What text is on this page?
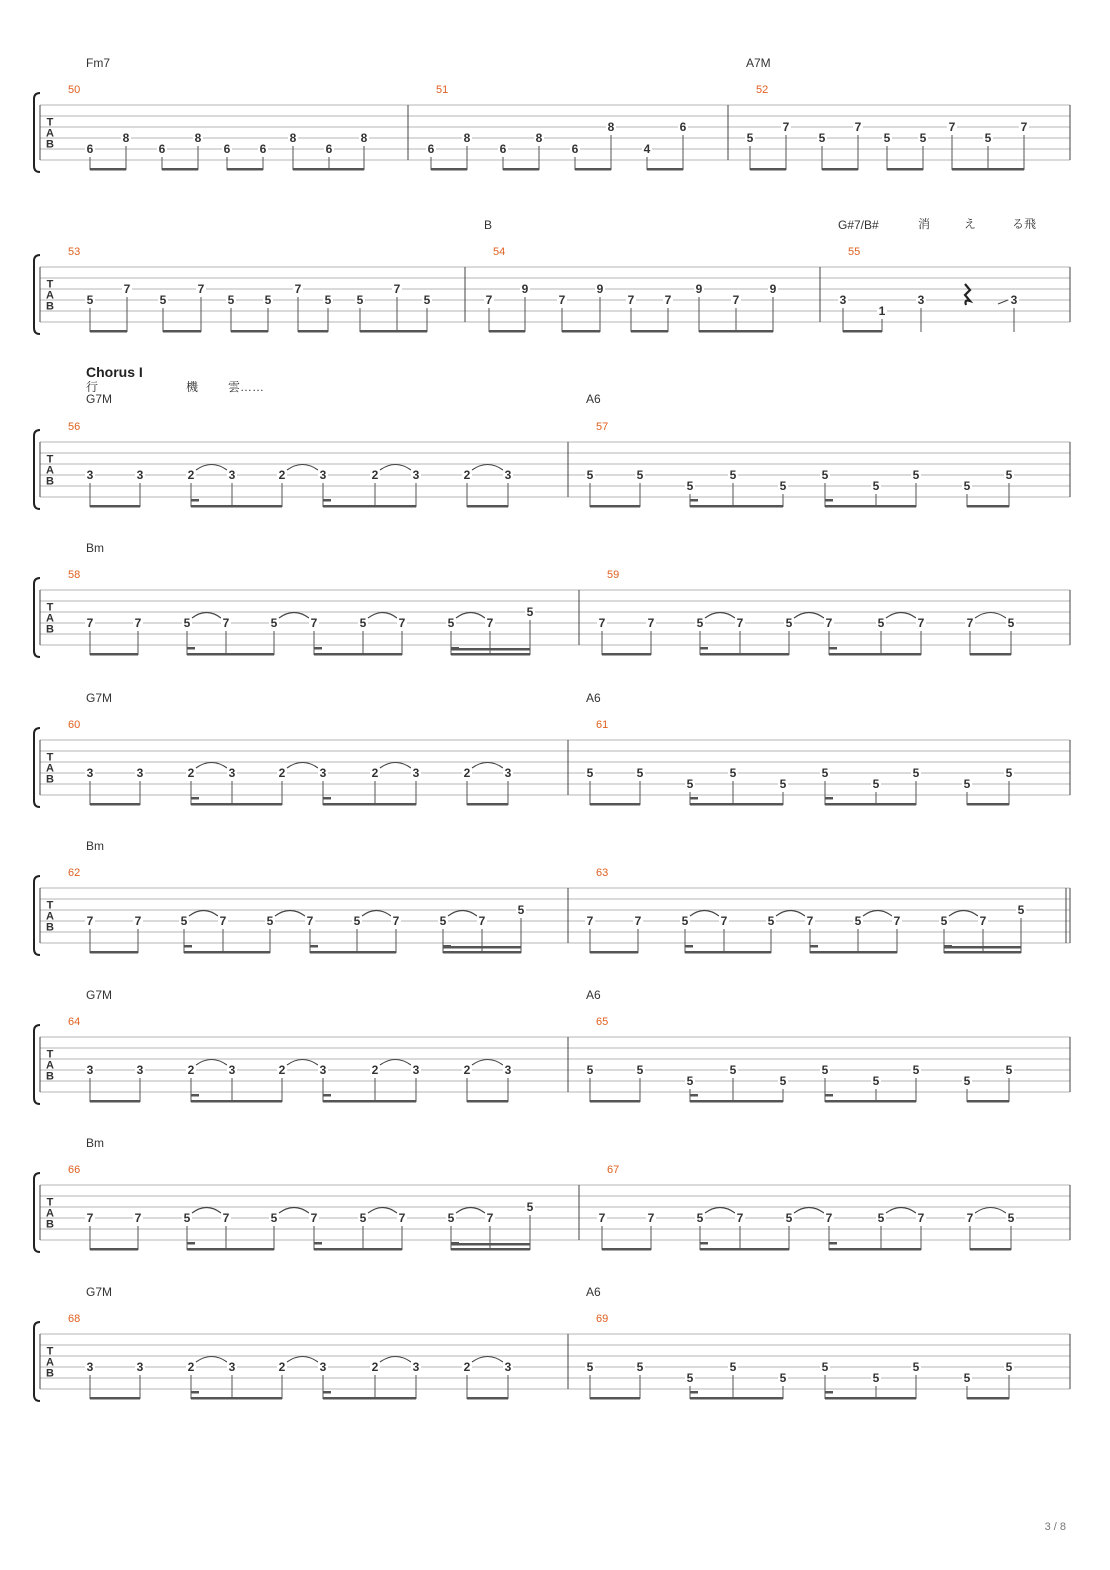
T
A
B
50
6
8
6
8
6 6
8
6
8
51
6
8
6
8
6
8
4
6
52
5
7
5
7
5 5
7
5
7
Fm7	A7M
T
A
B
53
5
7
5
7
5	5
7
5 5
7
5
54
7
9
7
9
7	7
9
7
9
55
3
1
3	3
B	G#7/B#	消	え	る飛
T
A
B
56
3	3	2	3	2	3	2	3	2	3
57
5	5
5
5
5
5
5
5
5
5
G7M	A6
Chorus I
行	機 雲……
T
A
B
58
7	7	5	7	5	7	5	7	5	7
5
59
7	7	5	7	5	7	5	7	7	5
Bm
T
A
B
60
3	3	2	3	2	3	2	3	2	3
61
5	5
5
5
5
5
5
5
5
5
G7M	A6
T
A
B
62
7	7	5	7	5	7	5	7	5	7
5
63
7	7	5	7	5	7	5	7	5	7
5
Bm
T
A
B
64
3	3	2	3	2	3	2	3	2	3
65
5	5
5
5
5
5
5
5
5
5
G7M	A6
T
A
B
66
7	7	5	7	5	7	5	7	5	7
5
67
7	7	5	7	5	7	5	7	7	5
Bm
T
A
B
68
3	3	2	3	2	3	2	3	2	3
69
5	5
5
5
5
5
5
5
5
5
G7M	A6
3 / 8
